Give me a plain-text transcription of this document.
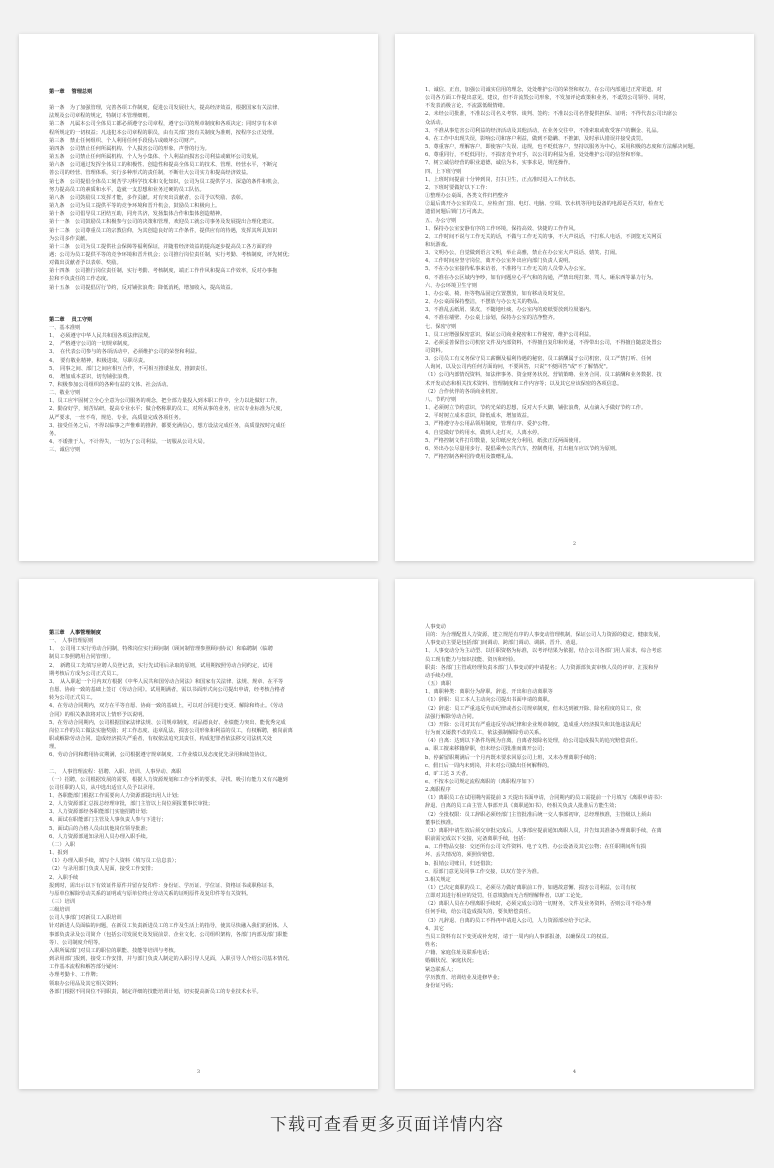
第一章　 管理总则
第一条　为了加强管理，完善各项工作制度，促进公司发展壮大，提高经济效益，根据国家有关法律、
法规及公司章程的规定，特制订本管理细则。
第二条　凡属本公司全体员工都必须遵守公司章程，遵守公司的规章制度和各项决定；同时享有本章
程所规定的一切权益；凡违犯本公司章程的职员，由有关部门按有关制度为准则，按程序公正处理。
第三条　禁止任何组织、个人利用任何手段侵占或破坏公司财产。
第四条　公司禁止任何所属机构、个人损害公司的形象、声誉的行为。
第五条　公司禁止任何所属机构、个人为小集体、个人利益而损害公司利益或破坏公司发展。
第六条　公司通过发挥全体员工的积极性、创造性和提高全体员工的技术、管理、经营水平，不断完
善公司的经营、管理体系，实行多种形式的责任制，不断壮大公司实力和提高经济效益。
第七条　公司提倡全体员工刻苦学习科学技术和文化知识，公司为员工提供学习、深造的条件和机会，
努力提高员工的素质和水平，造就一支思想和业务过硬的员工队伍。
第八条　公司鼓励员工发挥才能，多作贡献。对有突出贡献者，公司予以奖励、表彰。
第九条　公司为员工提供平等的竞争环境和晋升机会，鼓励员工积极向上。
第十条　公司倡导员工团结互助，同舟共济，发扬集体合作和集体创造精神。
第十一条　公司鼓励员工积极参与公司的决策和管理，欢迎员工就公司事务及发展提出合理化建议。
第十二条　公司尊重员工的宗教信仰，为其创造良好的工作条件，提供应有的待遇，发挥其所具知识
为公司多作贡献。
第十三条　公司为员工提供社会保障等福利保证，并随着经济效益的提高逐步提高员工各方面的待
遇；公司为员工提供平等的竞争环境和晋升机会；公司推行岗位责任制，实行考勤、考核制度，评先树优；
对做出贡献者予以表彰、奖励。
第十四条　公司推行岗位责任制，实行考勤、考核制度，端正工作作风和提高工作效率，反对办事拖
拉和不负责任的工作态度。
第十五条　公司提倡厉行节约，反对铺张浪费；降低消耗，增加收入，提高效益。
第二章　 员工守则
一、基本准则
1、　必须遵守中华人民共和国各项法律法规。
2、　严格遵守公司的一切规章制度。
3、　在代表公司参与的各项活动中，必须维护公司的荣誉和利益。
4、　要有敬业精神，积极进取，尽职尽责。
5、　同事之间、部门之间应相互合作，不可相互推诿扯皮，推卸责任。
6、　增加成本意识，切勿铺张浪费。
7、积极参加公司组织的各种有益的文体、社会活动。
二、敬业守则
1、员工应牢固树立全心全意为公司服务的观念，把全部力量投入到本职工作中，全力以赴做好工作。
2、勤奋好学，刻苦钻研，提高专业水平；做合格称职的员工，对所从事的业务，应以专业标准为尺度，
从严要求，一丝不苟，规范、专业，高质量完成各项任务。
3、接受任务之后，不得以临事之声惟难的推辞，都要充满信心，想方设法完成任务，高质量按时完成任
务。
4、不诿推于人，不计得失，一切为了公司利益，一切服从公司大局。
三、诚信守则
1、诚信、正直，加强公司诚实信用的理念，处处维护公司的荣誉和权力，在公司内部通过正常渠道。对
公司各方面工作提出意见，建议，但不许流毁公司形象，不发加评论政策和业务，不诋毁公司领导、同时，
不发表消极言论，不流露低级情绪。
2、未经公司批准，不准以公司名义考察、谈判、签约；不准以公司名誉提供担保、证明；不得代表公司出席公
众活动。
3、不准从事危害公司利益的经济活动及其他活动，在业务交往中，不准索取或收受客户的酬金、礼品。
4、在工作中出现失误，影响公司和客户利益，做到不隐瞒、不推卸，及时承认错误并接受责罚。
5、尊重客户，理解客户，即使客户失误、违规，也不贬低客户，坚持以服务为中心，采用积极的态度和方法解决问题。
6、尊重同行，不贬低同行，不损害竞争对手，以公司的利益为重、处处维护公司的信誉和形象。
7、树立诚信经营的职业道德，诚信为本，实事求是，规范操作。
四、上下班守则
1、上班时间提前十分钟到岗，打扫卫生，正点准时进入工作状态。
2、下班时要做好以下工作：
①整理办公桌面，各类文件归档整齐
②最后离开办公室的员工，应检查门窗、电灯、电脑、空调、饮水机等用电设备的电源是否关好，检查无
遗留问题后锁门方可离去。
五、办公守则
1、保持办公室安静有序的工作环境，保持高效、快捷的工作作风。
2、工作时间不说与工作无关的话，不做与工作无关的事，不大声说话，不打私人电话，不浏览无关网页
和玩游戏。
3、文明办公，自觉做到语言文明，举止高雅，禁止在办公室大声说话、嬉笑、打闹。
4、工作时间应坚守岗位，离开办公室外出应向部门负责人说明。
5、不在办公室接待私事来访者，不准将与工作无关的人员带入办公室。
6、不准在办公区域内争吵，如有问题应心平气和的沟通，严禁出现打架、骂人、砸东西等暴力行为。
六、办公环境卫生守则
1、办公桌、椅、柜等物品固定位置摆放，如有移动及时复位。
2、办公桌面保持整洁，不摆放与办公无关的物品。
3、不准乱丢纸屑、果皮，不随地吐痰，办公室内的废纸要放到垃圾篓内。
4、不准在墙壁、办公桌上涂划，保持办公室的洁净整齐。
七、保密守则
1、员工应增强保密意识，保证公司商业秘密和工作秘密，维护公司利益。
2、必须妥善保管公司机密文件及内部资料，不得擅自复印和传递，不得带出公司，不得擅自随意处置公
司资料。
3、公司员工有义务保守员工薪酬及福利待遇的秘密，员工薪酬属于公司机密，员工严禁打听、任何
人询问，以及公司内任何方面询问，不要回答，只说"不便回答"或"不了解情况"。
（1）公司内部情况资料，如法律事务、资金财务状况、营销策略、业务合同、员工薪酬和业务数据、技
术开发动态和相关技术资料、管理制度和工作内容等；以及其它应该保密的各项信息。
（2）合作伙伴的各项商业机密。
八、节约守则
1、必须树立节约意识，节约光荣的思想，反对大手大脚，铺张浪费，从点滴入手做好节约工作。
2、平时树立成本意识，降低成本，增加效益。
3、严格遵守办公用品领用制度，管理有序、爱护公物。
4、自觉做好节约用水，做到人走灯灭，人离水停。
5、严格控制文件打印数量，复印纸应充分利用，纸张正反两面使用。
6、外出办公尽量用步行、提倡乘坐公共汽车，控制费用，打出租车应以节约为原则。
7、严格控制各种招待费用及馈赠礼品。
2
第三章　人事管理制度
一、　人事管理原则
1、　公司用工实行劳动合同制，特殊岗位实行顾问制（顾问制管理参照顾问协议）和临聘制（临聘
制员工参照聘用合同管理）。
2、　新聘员工先填写应聘人员登记表，实行先试用后录取的原则，试用期按照劳动合同约定，试用
期考核后方成为公司正式员工。
3、　从入职起一个月内双方根据《中华人民共和国劳动合同法》和国家有关法律、法规、规章、在平等
自愿、协商一致的基础上签订《劳动合同》。试用期满者，需以书面形式向公司提出申请，经考核合格者
转为公司正式员工。
4、在劳动合同期内，双方在平等自愿、协商一致的基础上，可以对合同进行变更、解除和终止。《劳动
合同》的相关条款将对以上情形予以说明。
5、在劳动合同期内，公司根据国家法律法规、公司规章制度，对品德良好、业绩能力突出、能优秀完成
岗位工作的员工做法实施奖励；对工作态度、违章乱法、损害公司形象和利益的员工，有权解聘，被岗前离
职或解除劳动合同。造成经济损失严重者，有权依法追究其责任，构成犯罪者依法移交司法机关处
理。
6、劳动合同和聘用协议期满，公司根据遵守规章制度、工作业绩以及态度优先录用和续签协议。
二、　人事管理流程：招聘、入职、培训、人事异动、离职
（一）招聘，公司根据发展的需要，根据人力资源规划和工作分析的要求，寻找、吸引有能力又有兴趣到
公司任职的人员，从中选出适宜人员予以录用。
1、各职能部门根据工作需要向人力资源部提出用人计划；
2、人力资源部汇总报总经理审批，部门主管以上岗位须报董事长审批；
3、人力资源部经各职能部门实施招聘计划；
4、面试在职能部门主管及人事负责人参与下进行；
5、面试后的合格人员由其他岗位领导批准；
6、人力资源部通知录用人员办理入职手续。
（二）入职
1、报到
（1）办理入职手续，填写个人资料（填写员工信息表）；
（2）与录用部门负责人见面，接受工作安排；
2、入职手续
报到时，需出示以下有效证件原件并留存复印件：身份证、学历证、学位证、资格证书或职称证书，
与原单位解除劳动关系的证明或与原单位终止劳动关系的证明原件及复印件等有关资料。
（三）培训
三级培训
公司人事部门对新员工入职培训
针对新进人员面临的问题，在新员工负责新进员工的工作及生活上的指导，使其尽快融入我们的团体。人
事部负责录及公司简介（包括公司发展史及发展前景、企业文化、公司组织架构，各部门内部及部门职能
等）、公司制度介绍等。
入职所属部门对员工的职位的职能、技能等培训与考核。
到录用部门报到，接受工作安排，并与部门负责人制定的入职引导人见面，入职引导人介绍公司基本情况、
工作基本流程和解答部分疑问：
办理考勤卡、工作牌；
领取办公用品及其它相关资料；
各部门根据不同岗位不同职责，制定详细的技能培训计划，切实提高新员工的专业技术水平。
3
人事变动
目的：为合理配置人力资源，建立规范有序的人事变动管理机制，保证公司人力资源的稳定、健康发展，
人事变动主要是包括部门间调动、跨部门调动、调薪、晋升、劝退。
1、人事变动分为主动型、以任职资格为标准，以考评结果为依据，结合公司各部门用人需求，综合考虑
员工现有能力与知识技能、资历和经验。
职责：各部门主管或经理负责本部门人事变动的申请提名；人力资源部负责审核人员的评审、汇报和异
动手续办理。
（五）离职
1、离职种类：离职分为辞职、辞退、开出和自动离职等
（1）辞职：员工本人主动向公司提出书面申请的离职。
（2）辞退：员工严重违反劳动纪律或者公司规章制度，但未达到被开除、除名程度的员工，依
法强行解除劳动合同。
（3）开除：公司对其有严重违反劳动纪律和企业规章制度，造成重大经济损失和其他违法乱纪
行为而又屡教不改的员工，依法强制解除劳动关系。
（4）自离：达到以下条件均视为自离，自离者按除名处理，给公司造成损失的追究赔偿责任。
a、职工擅来移籍辞职，但未经公司批准而离开公司；
b、停薪留职期满后一个月内既未要求回原公司上班，又未办理离职手续的；
c、假日后一周内未到岗，并未对公司做出任何解释的。
d、旷工达 3 天者。
e、不按本公司规定流程离职的（离职程序如下）
2.离职程序
（1）离职员工在试用期内需提前 3 天提出书面申请，合同期内的员工需提前一个月填写《离职申请书》：
辞退、自离的员工由主管人事部开具《离职通知书》，经相关负责人批准后方能生效；
（2）全批权限：员工辞职必须经部门主管批准后统一交人事部初审，总经理核准，主管级以上须由
董事长核准。
（3）离职申请生效后须交审批完成后，人事部应提前通知离职人员，并告知其准备办理离职手续，在离
职前需完成以下交接，完备离职手续，包括：
a、工作物品交接：交还所有公司文件资料、电子文档、办公设备及其它公物；在任职期间所有损
坏、丢失情况的，须照价赔偿。
b、报销公司账目，归还借款；
c、原部门意见及同事工作交接，以双方签字为准。
3.相关规定
（1）已决定离职的员工，必须尽力做好离职前工作，如遇故意懈、损害公司利益，公司有权
立即对其进行相应的处罚，任意填勤而无合理理解释者，以旷工论处。
（2）离职人员在办理离职手续时，必须完成公司的一切财务，文件及业务资料，否则公司不给办理
任何手续，给公司造成损失的，要负赔偿责任。
（3）凡辞退、自离的员工不得再申请进入公司，人力资源部应给予记录。
4、其它
当员工资料有以下变更或补充时，请于一周内向人事部报备，以确保员工的权益。
姓名；
户籍、家庭住址及联系电话；
婚姻状况、家庭状况；
紧急联系人；
学历教育、培训结业及进修毕业；
身份证号码；
4
下载可查看更多页面详情内容
